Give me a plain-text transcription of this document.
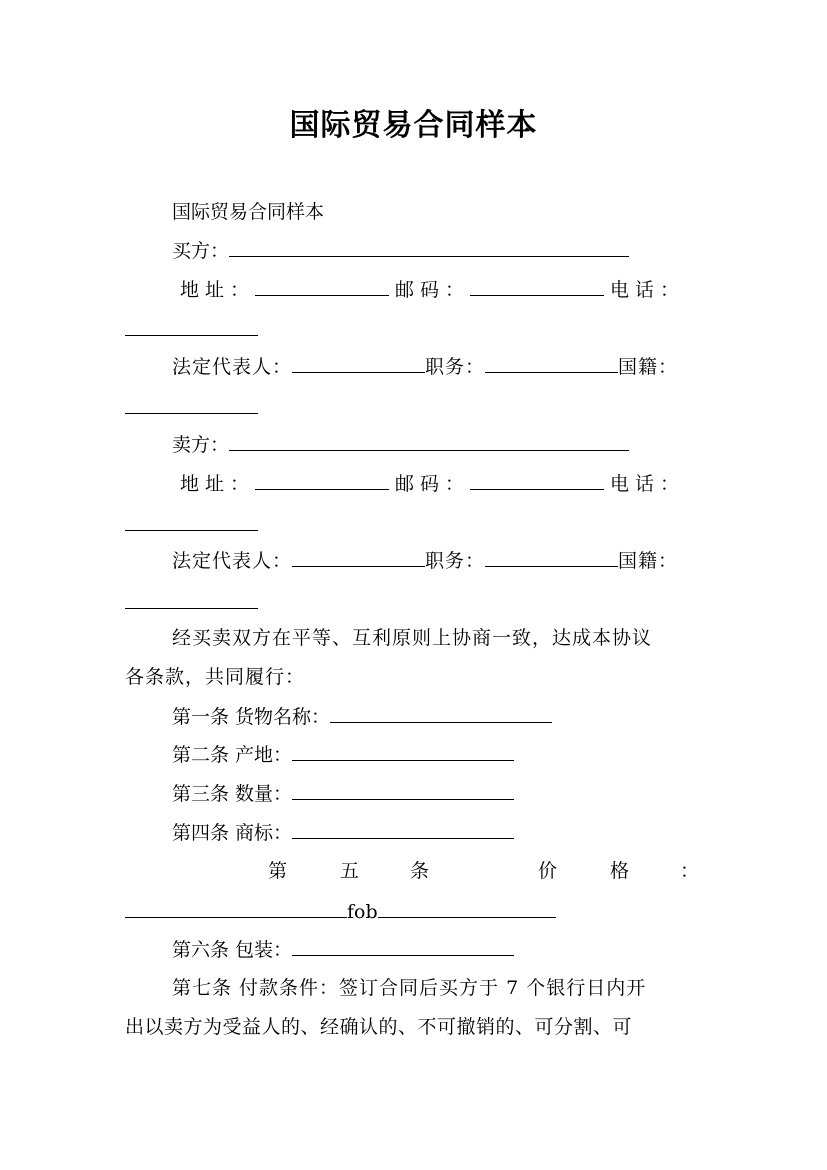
国际贸易合同样本
国际贸易合同样本
买方：
地址：	邮码：	电话：
法定代表人：	职务：	国籍：
卖方：
地址：	邮码：	电话：
法定代表人：	职务：	国籍：
经买卖双方在平等、互利原则上协商一致，达成本协议
各条款，共同履行：
第一条 货物名称：
第二条 产地：
第三条 数量：
第四条 商标：
第	五	条	价	格	：
fob
第六条 包装：
第七条 付款条件：签订合同后买方于 7 个银行日内开
出以卖方为受益人的、经确认的、不可撤销的、可分割、可
